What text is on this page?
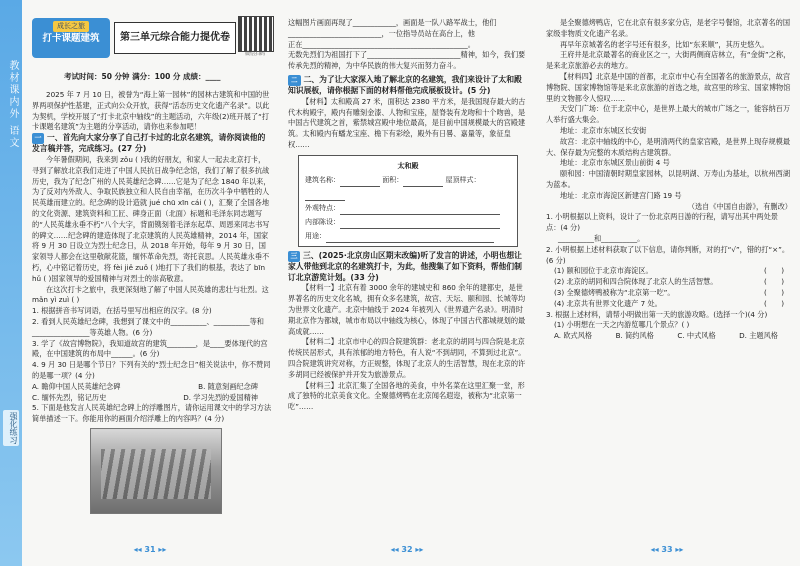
教材课内外 语文
强化练习
成长之旅
打卡课题建筑	第三单元综合能力提优卷
微信扫码
考试时间：50 分钟 满分：100 分 成绩：____

2025 年 7 月 10 日，被誉为“海上第一园林”的园林古建筑和中国的世界两项保护性基建，正式向公众开放，获得“活态历史文化遗产名录”。以此为契机，学校开展了“打卡北京中轴线”的主题活动，六年级(2)班开展了“打卡课题名建筑”为主题的分享活动，请你也来参加吧！

一 一、首先向大家分享了自己打卡过的北京名建筑，请你阅读他的发言稿并答，完成练习。(27 分)

今年暑假期间，我来到 zǒu ( )我的好朋友，和家人一起去北京打卡，寻到了解放北京我们走进了中国人民抗日战争纪念馆，我们了解了很多抗战历史，我为了纪念广州的人民英雄纪念碑……它是为了纪念 1840 年以来，为了反对内外敌人、争取民族独立和人民自由幸福，在历次斗争中牺牲的人民英雄而建立的。纪念碑的设计造就 jué chū xīn cái ( )，汇聚了全国各地的文化资源、建筑资料和工匠、碑身正面（北面）标题和毛泽东同志题写的“人民英雄永垂不朽”八个大字，背面镌刻着毛泽东起草、周恩来同志书写的碑文……纪念碑的建造体现了北京建筑的人民英雄精神，2014 年，国家将 9 月 30 日设立为烈士纪念日，从 2018 年开始，每年 9 月 30 日，国家领导人都会在这里敬献花篮，缅怀革命先烈，寄托哀思。人民英雄永垂不朽，心中铭记着历史，将 fèi jiě zuǒ ( )地打下了我们的根基，表达了 bīn hǔ ( )国家领导的爱国精神与对烈士的崇高敬意。

在这次打卡之旅中，我更深刻地了解了中国人民英雄的悲壮与壮烈。这 mǎn yì zuì ( )

1. 根据拼音书写词语，在括号里写出相应的汉字。(8 分)
2. 看到人民英雄纪念碑，我想到了课文中的__________、__________等和________________等英雄人物。(6 分)
3. 学了《故宫博物院》，我知道故宫的建筑________，是____要体现代的宫殿，在中国建筑的布局中______。(6 分)
4. 9 月 30 日是哪个节日？下列有关的“烈士纪念日”相关说法中，你不赞同的是哪一项？(4 分)
A. 瞻仰中国人民英雄纪念碑	B. 随意刻画纪念碑
C. 缅怀先烈，铭记历史	D. 学习先烈的爱国精神
5. 下面是他发言人民英雄纪念碑上的浮雕图片，请你运用课文中的学习方法简单描述一下。你能用你的画面介绍浮雕上的内容吗？(4 分)
◂◂ 31 ▸▸
这幅图片画面再现了____________，画面是一队八路军战士，他们
__________________________，一位指导员站在高台上，他
正在______________________________________________。
无数先烈们为祖国打下了__________________________精神，如今，我们要
传承先烈的精神，为中华民族的伟大复兴而努力奋斗。
二 二、为了让大家深入地了解北京的名建筑，我们来设计了太和殿知识展板，请你根据下面的材料帮他完成展板设计。(5 分)

【材料】太和殿高 27 米，面积达 2380 平方米，是我国现存最大的古代木构殿宇，殿内有雕刻金漆、人物和宝座，屋脊装有龙吻和十个吻兽，是中国古代建筑之首，紫禁城宫殿中地位最高，是目前中国规模最大的宫殿建筑。太和殿内有蟠龙宝座、檐下有彩绘，殿外有日晷、嘉量等，象征皇权……

太和殿
建筑名称：	面积：	屋顶样式：
外观特点：
内部陈设：
用途：
三 三、(2025·北京房山区期末改编)听了发言的讲述，小明也想让家人带他到北京的名建筑打卡，为此，他搜集了如下资料，帮他们制订北京游览计划。(33 分)

【材料一】北京有着 3000 余年的建城史和 860 余年的建都史，是世界著名的历史文化名城，拥有众多名建筑，故宫、天坛、颐和园、长城等均为世界文化遗产。北京中轴线于 2024 年被列入《世界遗产名录》。明清时期北京作为都城，城市布局以中轴线为核心，体现了中国古代都城规划的最高成就……

【材料二】北京市中心的四合院建筑群：老北京的胡同与四合院是北京传统民居形式，具有浓郁的地方特色，有人说“不到胡同，不算到过北京”。四合院建筑讲究对称，方正规整，体现了北京人的生活智慧，现在北京的许多胡同已经被保护并开发为旅游景点。

【材料三】北京汇集了全国各地的美食，中外名菜在这里汇聚一堂，形成了独特的北京美食文化。全聚德烤鸭在北京闻名遐迩，被称为“北京第一吃”……

◂◂ 32 ▸▸

是全聚德烤鸭店，它在北京有很多家分店，是老字号餐馆，北京著名的国家级非物质文化遗产名录。

再早年京城著名的老字号还有很多，比如“东来顺”，其历史悠久。

王府井是北京最著名的商业区之一，大街两侧商店林立，有“金街”之称，是来北京旅游必去的地方。

【材料四】北京是中国的首都，北京市中心有全国著名的旅游景点，故宫博物院、国家博物馆等是来北京旅游的首选之地，故宫里的珍宝、国家博物馆里的文物都令人惊叹……

天安门广场：位于北京中心，是世界上最大的城市广场之一，能容纳百万人举行盛大集会。

地址：北京市东城区长安街

故宫：北京中轴线的中心，是明清两代的皇家宫殿，是世界上现存规模最大、保存最为完整的木质结构古建筑群。

地址：北京市东城区景山前街 4 号

颐和园：中国清朝时期皇家园林，以昆明湖、万寿山为基址，以杭州西湖为蓝本。

地址：北京市海淀区新建宫门路 19 号

（选自《中国自由游》，有删改）
1. 小明根据以上资料，设计了一份北京两日游的行程，请写出其中两处景点：(4 分)
__________和__________。
2. 小明根据上述材料获取了以下信息，请你判断，对的打“√”，错的打“×”。(6 分)
(1) 颐和园位于北京市海淀区。	(　　)
(2) 北京的胡同和四合院体现了北京人的生活智慧。	(　　)
(3) 全聚德烤鸭被称为“北京第一吃”。	(　　)
(4) 北京共有世界文化遗产 7 处。	(　　)
3. 根据上述材料，请帮小明做出第一天的旅游攻略。(选择一个)(4 分)
(1) 小明想在一天之内游览哪几个景点？( )
A. 欧式风格	B. 简约风格	C. 中式风格	D. 主题风格
◂◂ 33 ▸▸
